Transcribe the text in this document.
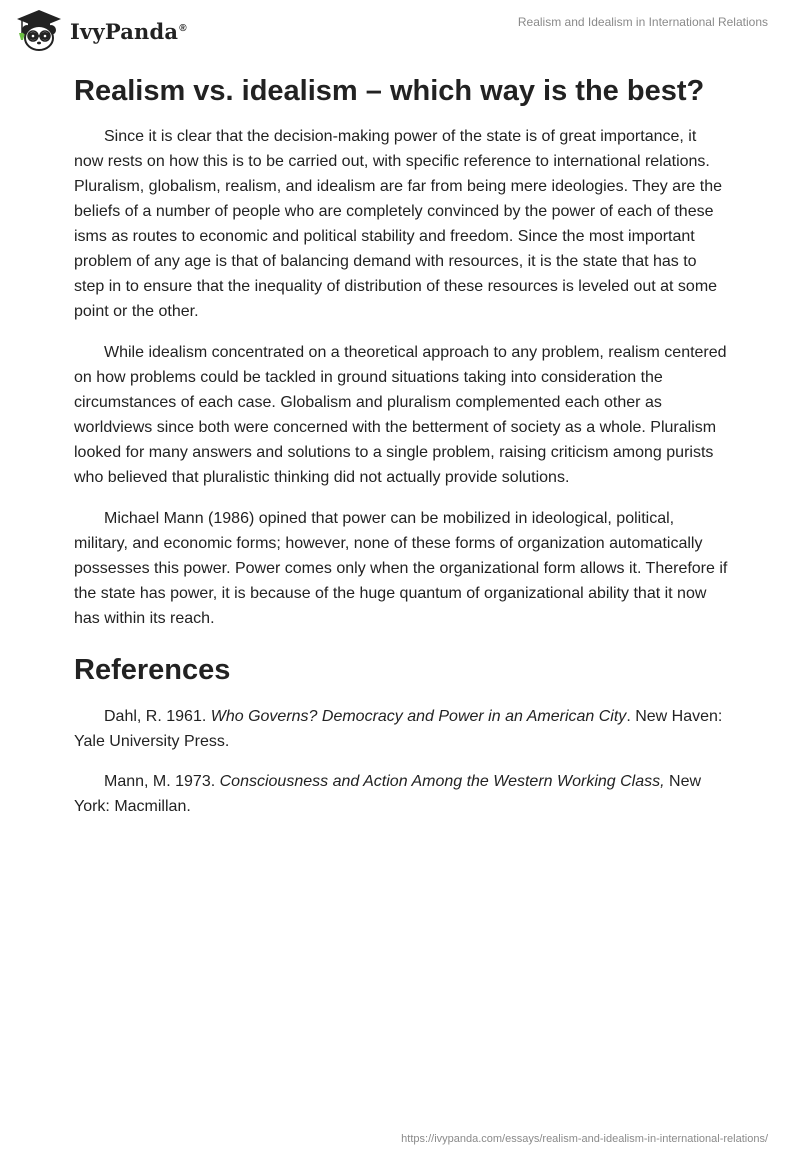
IvyPanda®	Realism and Idealism in International Relations
Realism vs. idealism – which way is the best?

Since it is clear that the decision-making power of the state is of great importance, it now rests on how this is to be carried out, with specific reference to international relations. Pluralism, globalism, realism, and idealism are far from being mere ideologies. They are the beliefs of a number of people who are completely convinced by the power of each of these isms as routes to economic and political stability and freedom. Since the most important problem of any age is that of balancing demand with resources, it is the state that has to step in to ensure that the inequality of distribution of these resources is leveled out at some point or the other.

While idealism concentrated on a theoretical approach to any problem, realism centered on how problems could be tackled in ground situations taking into consideration the circumstances of each case. Globalism and pluralism complemented each other as worldviews since both were concerned with the betterment of society as a whole. Pluralism looked for many answers and solutions to a single problem, raising criticism among purists who believed that pluralistic thinking did not actually provide solutions.

Michael Mann (1986) opined that power can be mobilized in ideological, political, military, and economic forms; however, none of these forms of organization automatically possesses this power. Power comes only when the organizational form allows it. Therefore if the state has power, it is because of the huge quantum of organizational ability that it now has within its reach.

References

Dahl, R. 1961. Who Governs? Democracy and Power in an American City. New Haven: Yale University Press.

Mann, M. 1973. Consciousness and Action Among the Western Working Class, New York: Macmillan.

https://ivypanda.com/essays/realism-and-idealism-in-international-relations/
